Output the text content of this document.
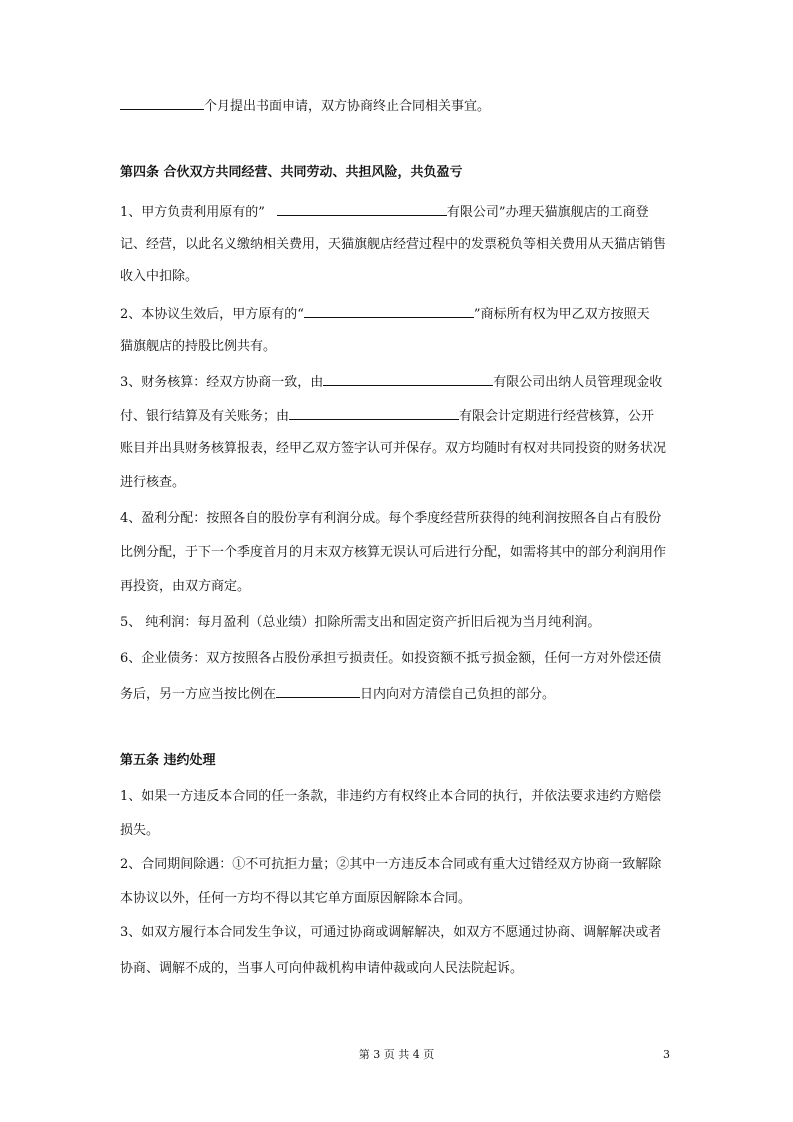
个月提出书面申请，双方协商终止合同相关事宜。
第四条 合伙双方共同经营、共同劳动、共担风险，共负盈亏
1、甲方负责利用原有的”	有限公司”办理天猫旗舰店的工商登
记、经营，以此名义缴纳相关费用，天猫旗舰店经营过程中的发票税负等相关费用从天猫店销售
收入中扣除。
2、本协议生效后，甲方原有的“	”商标所有权为甲乙双方按照天
猫旗舰店的持股比例共有。
3、财务核算：经双方协商一致，由	有限公司出纳人员管理现金收
付、银行结算及有关账务；由	有限会计定期进行经营核算，公开
账目并出具财务核算报表，经甲乙双方签字认可并保存。双方均随时有权对共同投资的财务状况
进行核查。
4、盈利分配：按照各自的股份享有利润分成。每个季度经营所获得的纯利润按照各自占有股份
比例分配，于下一个季度首月的月末双方核算无误认可后进行分配，如需将其中的部分利润用作
再投资，由双方商定。
5、 纯利润：每月盈利（总业绩）扣除所需支出和固定资产折旧后视为当月纯利润。
6、企业债务：双方按照各占股份承担亏损责任。如投资额不抵亏损金额，任何一方对外偿还债
务后，另一方应当按比例在	日内向对方清偿自己负担的部分。
第五条 违约处理
1、如果一方违反本合同的任一条款，非违约方有权终止本合同的执行，并依法要求违约方赔偿
损失。
2、合同期间除遇：①不可抗拒力量；②其中一方违反本合同或有重大过错经双方协商一致解除
本协议以外，任何一方均不得以其它单方面原因解除本合同。
3、如双方履行本合同发生争议，可通过协商或调解解决，如双方不愿通过协商、调解解决或者
协商、调解不成的，当事人可向仲裁机构申请仲裁或向人民法院起诉。
第 3 页 共 4 页	3
